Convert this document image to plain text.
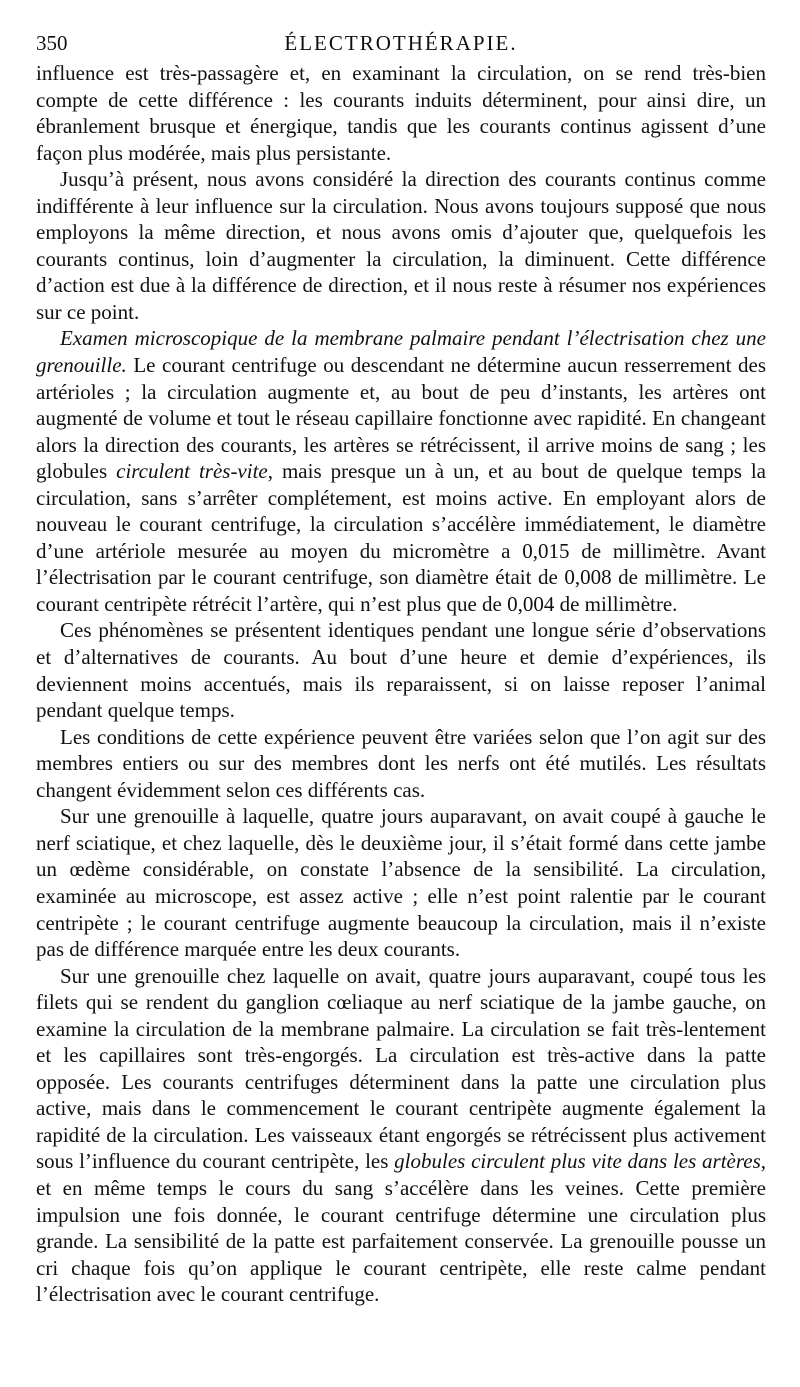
350	ÉLECTROTHÉRAPIE.

influence est très-passagère et, en examinant la circulation, on se rend très-bien compte de cette différence : les courants induits déterminent, pour ainsi dire, un ébranlement brusque et énergique, tandis que les courants continus agissent d’une façon plus modérée, mais plus persistante.

Jusqu’à présent, nous avons considéré la direction des courants continus comme indifférente à leur influence sur la circulation. Nous avons toujours supposé que nous employons la même direction, et nous avons omis d’ajouter que, quelquefois les courants continus, loin d’augmenter la circulation, la diminuent. Cette différence d’action est due à la différence de direction, et il nous reste à résumer nos expériences sur ce point.

Examen microscopique de la membrane palmaire pendant l’électrisation chez une grenouille. Le courant centrifuge ou descendant ne détermine aucun resserrement des artérioles ; la circulation augmente et, au bout de peu d’instants, les artères ont augmenté de volume et tout le réseau capillaire fonctionne avec rapidité. En changeant alors la direction des courants, les artères se rétrécissent, il arrive moins de sang ; les globules circulent très-vite, mais presque un à un, et au bout de quelque temps la circulation, sans s’arrêter complétement, est moins active. En employant alors de nouveau le courant centrifuge, la circulation s’accélère immédiatement, le diamètre d’une artériole mesurée au moyen du micromètre a 0,015 de millimètre. Avant l’électrisation par le courant centrifuge, son diamètre était de 0,008 de millimètre. Le courant centripète rétrécit l’artère, qui n’est plus que de 0,004 de millimètre.

Ces phénomènes se présentent identiques pendant une longue série d’observations et d’alternatives de courants. Au bout d’une heure et demie d’expériences, ils deviennent moins accentués, mais ils reparaissent, si on laisse reposer l’animal pendant quelque temps.

Les conditions de cette expérience peuvent être variées selon que l’on agit sur des membres entiers ou sur des membres dont les nerfs ont été mutilés. Les résultats changent évidemment selon ces différents cas.

Sur une grenouille à laquelle, quatre jours auparavant, on avait coupé à gauche le nerf sciatique, et chez laquelle, dès le deuxième jour, il s’était formé dans cette jambe un œdème considérable, on constate l’absence de la sensibilité. La circulation, examinée au microscope, est assez active ; elle n’est point ralentie par le courant centripète ; le courant centrifuge augmente beaucoup la circulation, mais il n’existe pas de différence marquée entre les deux courants.

Sur une grenouille chez laquelle on avait, quatre jours auparavant, coupé tous les filets qui se rendent du ganglion cœliaque au nerf sciatique de la jambe gauche, on examine la circulation de la membrane palmaire. La circulation se fait très-lentement et les capillaires sont très-engorgés. La circulation est très-active dans la patte opposée. Les courants centrifuges déterminent dans la patte une circulation plus active, mais dans le commencement le courant centripète augmente également la rapidité de la circulation. Les vaisseaux étant engorgés se rétrécissent plus activement sous l’influence du courant centripète, les globules circulent plus vite dans les artères, et en même temps le cours du sang s’accélère dans les veines. Cette première impulsion une fois donnée, le courant centrifuge détermine une circulation plus grande. La sensibilité de la patte est parfaitement conservée. La grenouille pousse un cri chaque fois qu’on applique le courant centripète, elle reste calme pendant l’électrisation avec le courant centrifuge.
